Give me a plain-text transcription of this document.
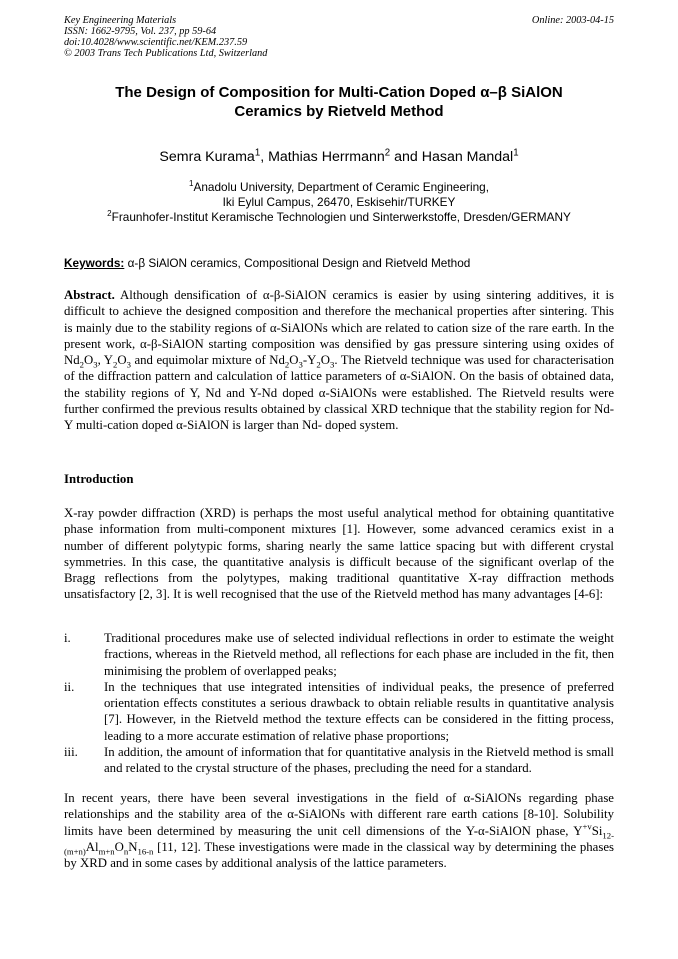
Key Engineering Materials
ISSN: 1662-9795, Vol. 237, pp 59-64
doi:10.4028/www.scientific.net/KEM.237.59
© 2003 Trans Tech Publications Ltd, Switzerland
Online: 2003-04-15
The Design of Composition for Multi-Cation Doped α–β SiAlON
Ceramics by Rietveld Method
Semra Kurama$^1$, Mathias Herrmann$^2$ and Hasan Mandal$^1$
$^1$Anadolu University, Department of Ceramic Engineering,
Iki Eylul Campus, 26470, Eskisehir/TURKEY
$^2$Fraunhofer-Institut Keramische Technologien und Sinterwerkstoffe, Dresden/GERMANY
Keywords: α-β SiAlON ceramics, Compositional Design and Rietveld Method
Abstract. Although densification of α-β-SiAlON ceramics is easier by using sintering additives, it is difficult to achieve the designed composition and therefore the mechanical properties after sintering. This is mainly due to the stability regions of α-SiAlONs which are related to cation size of the rare earth. In the present work, α-β-SiAlON starting composition was densified by gas pressure sintering using oxides of $Nd_2O_3$, $Y_2O_3$ and equimolar mixture of $Nd_2O_3-Y_2O_3$. The Rietveld technique was used for characterisation of the diffraction pattern and calculation of lattice parameters of α-SiAlON. On the basis of obtained data, the stability regions of Y, Nd and Y-Nd doped α-SiAlONs were established. The Rietveld results were further confirmed the previous results obtained by classical XRD technique that the stability region for Nd-Y multi-cation doped α-SiAlON is larger than Nd- doped system.
Introduction
X-ray powder diffraction (XRD) is perhaps the most useful analytical method for obtaining quantitative phase information from multi-component mixtures [1]. However, some advanced ceramics exist in a number of different polytypic forms, sharing nearly the same lattice spacing but with different crystal symmetries. In this case, the quantitative analysis is difficult because of the significant overlap of the Bragg reflections from the polytypes, making traditional quantitative X-ray diffraction methods unsatisfactory [2, 3]. It is well recognised that the use of the Rietveld method has many advantages [4-6]:
i.	Traditional procedures make use of selected individual reflections in order to estimate the weight fractions, whereas in the Rietveld method, all reflections for each phase are included in the fit, then minimising the problem of overlapped peaks;
ii. In the techniques that use integrated intensities of individual peaks, the presence of preferred orientation effects constitutes a serious drawback to obtain reliable results in quantitative analysis [7]. However, in the Rietveld method the texture effects can be considered in the fitting process, leading to a more accurate estimation of relative phase proportions;
iii. In addition, the amount of information that for quantitative analysis in the Rietveld method is small and related to the crystal structure of the phases, precluding the need for a standard.
In recent years, there have been several investigations in the field of α-SiAlONs regarding phase relationships and the stability area of the α-SiAlONs with different rare earth cations [8-10]. Solubility limits have been determined by measuring the unit cell dimensions of the Y-α-SiAlON phase, $Y^{+v}Si_{12-(m+n)}Al_{m+n}O_nN_{16-n}$ [11, 12]. These investigations were made in the classical way by determining the phases by XRD and in some cases by additional analysis of the lattice parameters.
